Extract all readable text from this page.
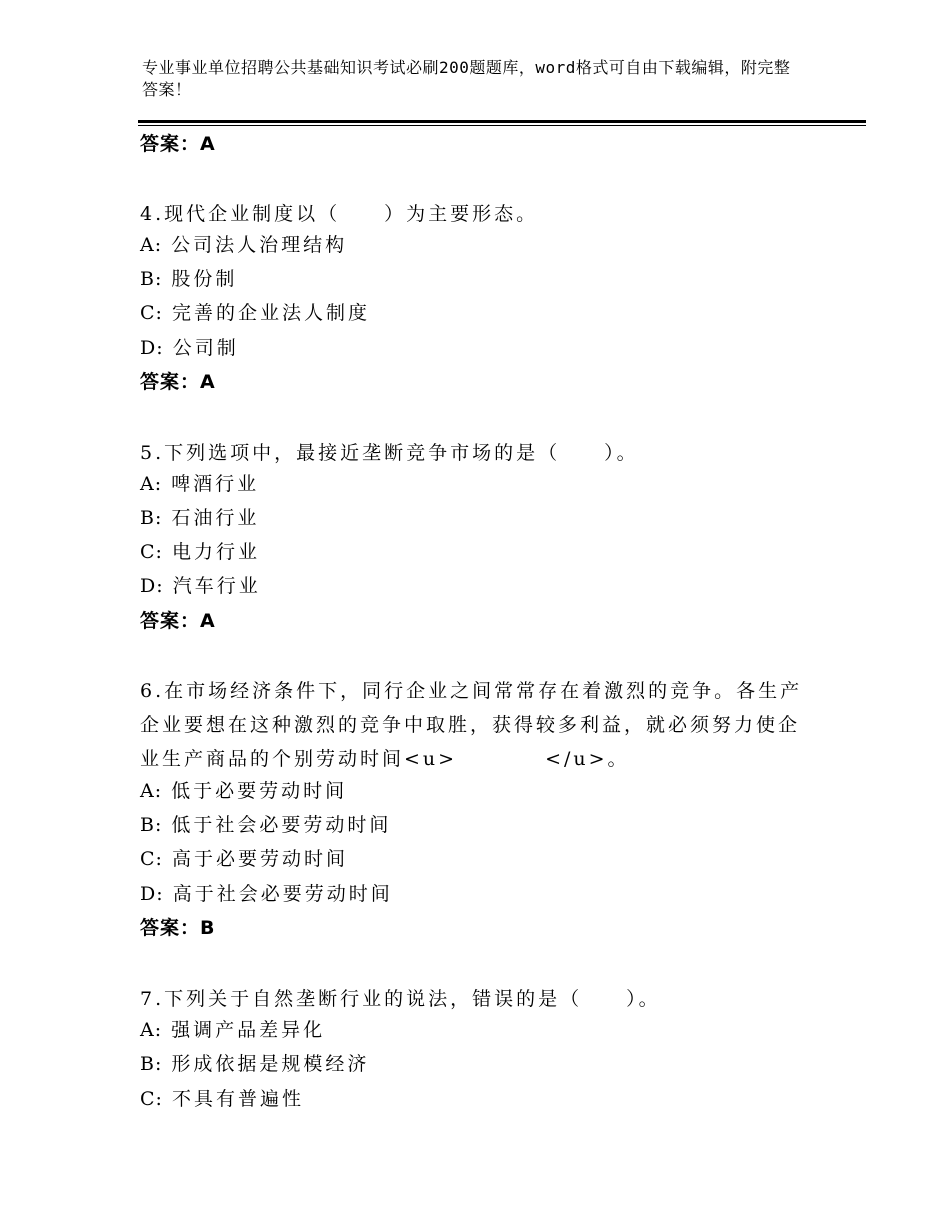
专业事业单位招聘公共基础知识考试必刷200题题库，word格式可自由下载编辑，附完整答案！
答案：A
4.现代企业制度以（　　）为主要形态。
A: 公司法人治理结构
B: 股份制
C: 完善的企业法人制度
D: 公司制
答案：A
5.下列选项中，最接近垄断竞争市场的是（　　）。
A: 啤酒行业
B: 石油行业
C: 电力行业
D: 汽车行业
答案：A
6.在市场经济条件下，同行企业之间常常存在着激烈的竞争。各生产企业要想在这种激烈的竞争中取胜，获得较多利益，就必须努力使企业生产商品的个别劳动时间<u>　　　　</u>。
A: 低于必要劳动时间
B: 低于社会必要劳动时间
C: 高于必要劳动时间
D: 高于社会必要劳动时间
答案：B
7.下列关于自然垄断行业的说法，错误的是（　　）。
A: 强调产品差异化
B: 形成依据是规模经济
C: 不具有普遍性
